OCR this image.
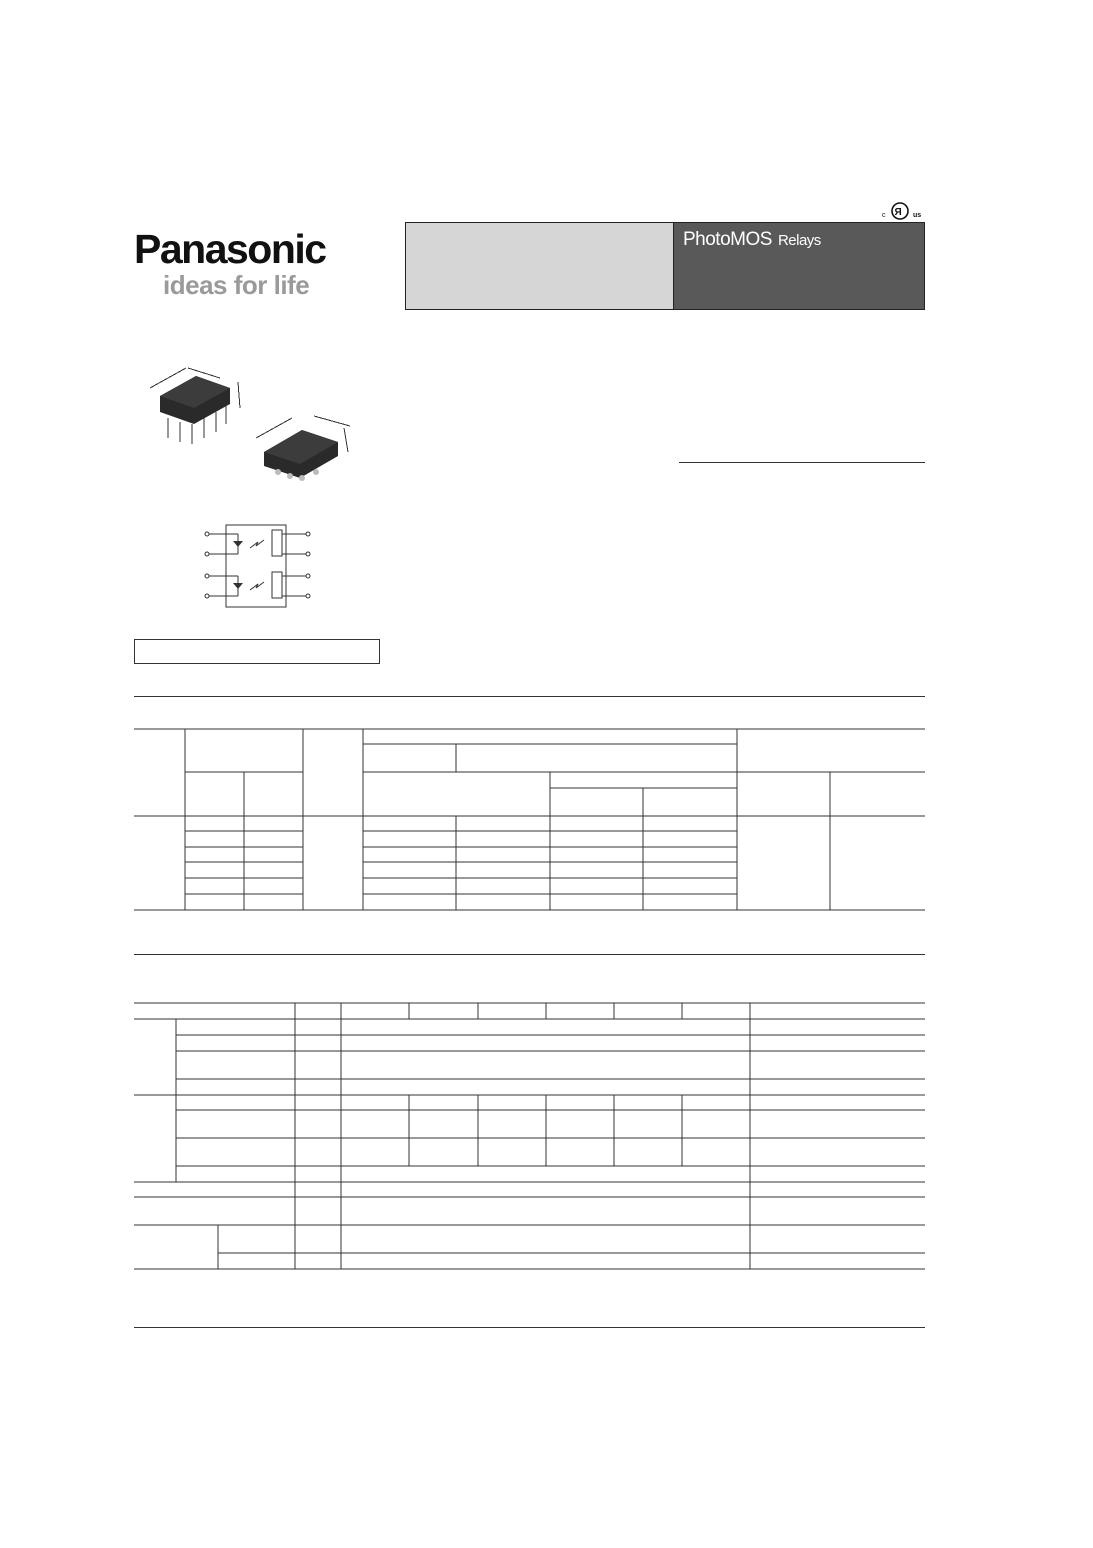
c Я us
Panasonic
ideas for life
PhotoMOS Relays
